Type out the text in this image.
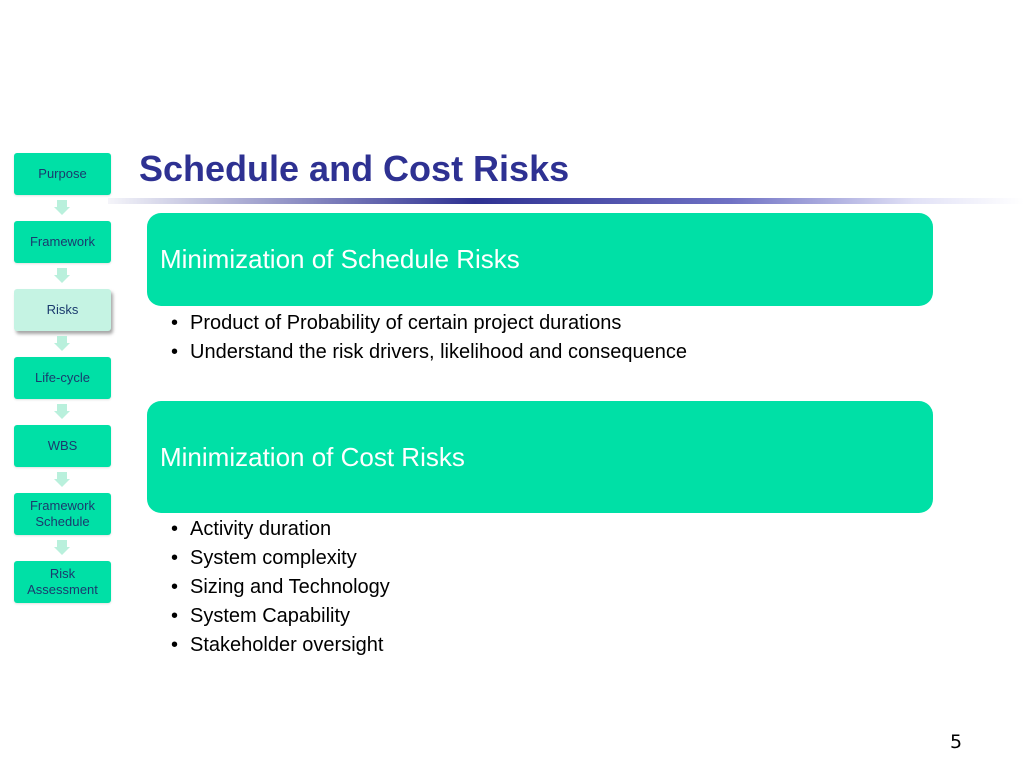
Purpose
Framework
Risks
Life-cycle
WBS
Framework Schedule
Risk Assessment
Schedule and Cost Risks
Minimization of Schedule Risks
• Product of Probability of certain project durations
• Understand the risk drivers, likelihood and consequence
Minimization of Cost Risks
• Activity duration
• System complexity
• Sizing and Technology
• System Capability
• Stakeholder oversight
5
